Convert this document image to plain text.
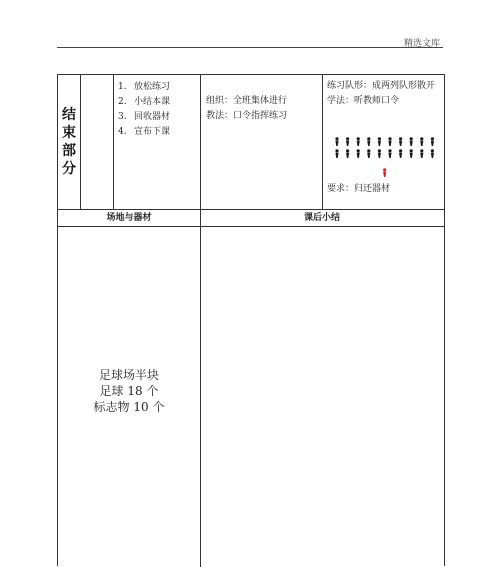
精选文库
结
束
部
分
1. 放松练习
2. 小结本课
3. 回收器材
4. 宣布下课
组织：全班集体进行
教法：口令指挥练习
练习队形：成两列队形散开学法：听教师口令
要求：归还器材
场地与器材	课后小结
足球场半块
足球 18 个
标志物 10 个
